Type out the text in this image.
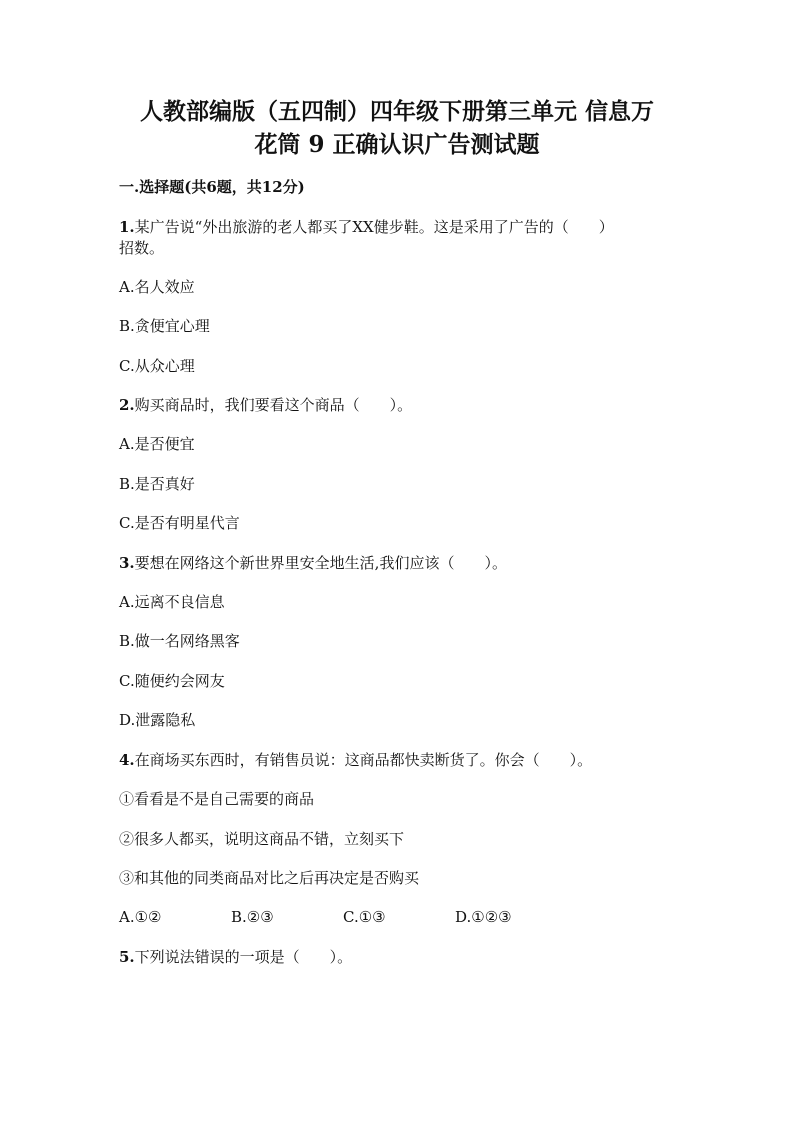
人教部编版（五四制）四年级下册第三单元 信息万
花筒 9 正确认识广告测试题
一.选择题(共6题，共12分)
1.某广告说“外出旅游的老人都买了XX健步鞋。这是采用了广告的（　　）
招数。
A.名人效应
B.贪便宜心理
C.从众心理
2.购买商品时，我们要看这个商品（　　）。
A.是否便宜
B.是否真好
C.是否有明星代言
3.要想在网络这个新世界里安全地生活,我们应该（　　）。
A.远离不良信息
B.做一名网络黑客
C.随便约会网友
D.泄露隐私
4.在商场买东西时，有销售员说：这商品都快卖断货了。你会（　　）。
①看看是不是自己需要的商品
②很多人都买，说明这商品不错，立刻买下
③和其他的同类商品对比之后再决定是否购买
A.①②	B.②③	C.①③	D.①②③
5.下列说法错误的一项是（　　）。
